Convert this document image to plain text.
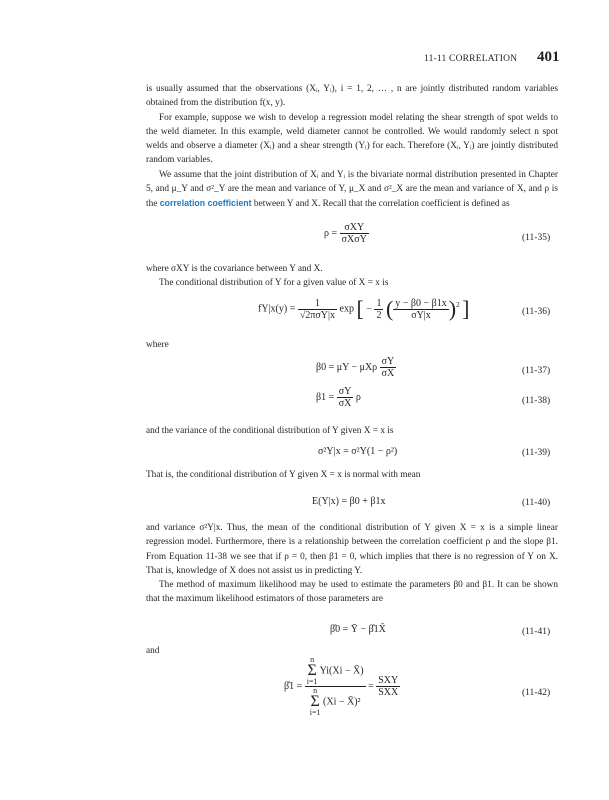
11-11 CORRELATION 401

is usually assumed that the observations (Xᵢ, Yᵢ), i = 1, 2, … , n are jointly distributed random variables obtained from the distribution f(x, y).

For example, suppose we wish to develop a regression model relating the shear strength of spot welds to the weld diameter. In this example, weld diameter cannot be controlled. We would randomly select n spot welds and observe a diameter (Xᵢ) and a shear strength (Yᵢ) for each. Therefore (Xᵢ, Yᵢ) are jointly distributed random variables.

We assume that the joint distribution of Xᵢ and Yᵢ is the bivariate normal distribution presented in Chapter 5, and μ_Y and σ²_Y are the mean and variance of Y, μ_X and σ²_X are the mean and variance of X, and ρ is the correlation coefficient between Y and X. Recall that the correlation coefficient is defined as

$\rho = \frac{\text{σXY}}{\text{σXσY}}$	(11-35)

where σXY is the covariance between Y and X.

The conditional distribution of Y for a given value of X = x is

$fY|x(y) = \frac{1}{\text{√2πσY|x}}$ exp [ − $\frac{1}{2}$ ( $\frac{y - \beta 0 - \beta 1x}{\sigma Y|x} )^2$ ]	(11-36)

where

β0 = μY − μXρ $\frac{\sigma Y}{\sigma X}$	(11-37)
$\beta 1 = \frac{\sigma Y}{\sigma X}$ ρ	(11-38)

and the variance of the conditional distribution of Y given X = x is

σ²Y|x = σ²Y(1 − ρ²)	(11-39)

That is, the conditional distribution of Y given X = x is normal with mean

E(Y|x) = β0 + β1x	(11-40)

and variance σ²Y|x. Thus, the mean of the conditional distribution of Y given X = x is a simple linear regression model. Furthermore, there is a relationship between the correlation coefficient ρ and the slope β1. From Equation 11-38 we see that if ρ = 0, then β1 = 0, which implies that there is no regression of Y on X. That is, knowledge of X does not assist us in predicting Y.

The method of maximum likelihood may be used to estimate the parameters β0 and β1. It can be shown that the maximum likelihood estimators of those parameters are

β̂0 = Ȳ − β̂1X̄	(11-41)

and

β̂1 = n
Σ
i=1 Yi(Xi − X̄)
n
Σ
i=1 (Xi − X̄)² = $\frac{\text{SXY}}{\text{SXX}}$	(11-42)
